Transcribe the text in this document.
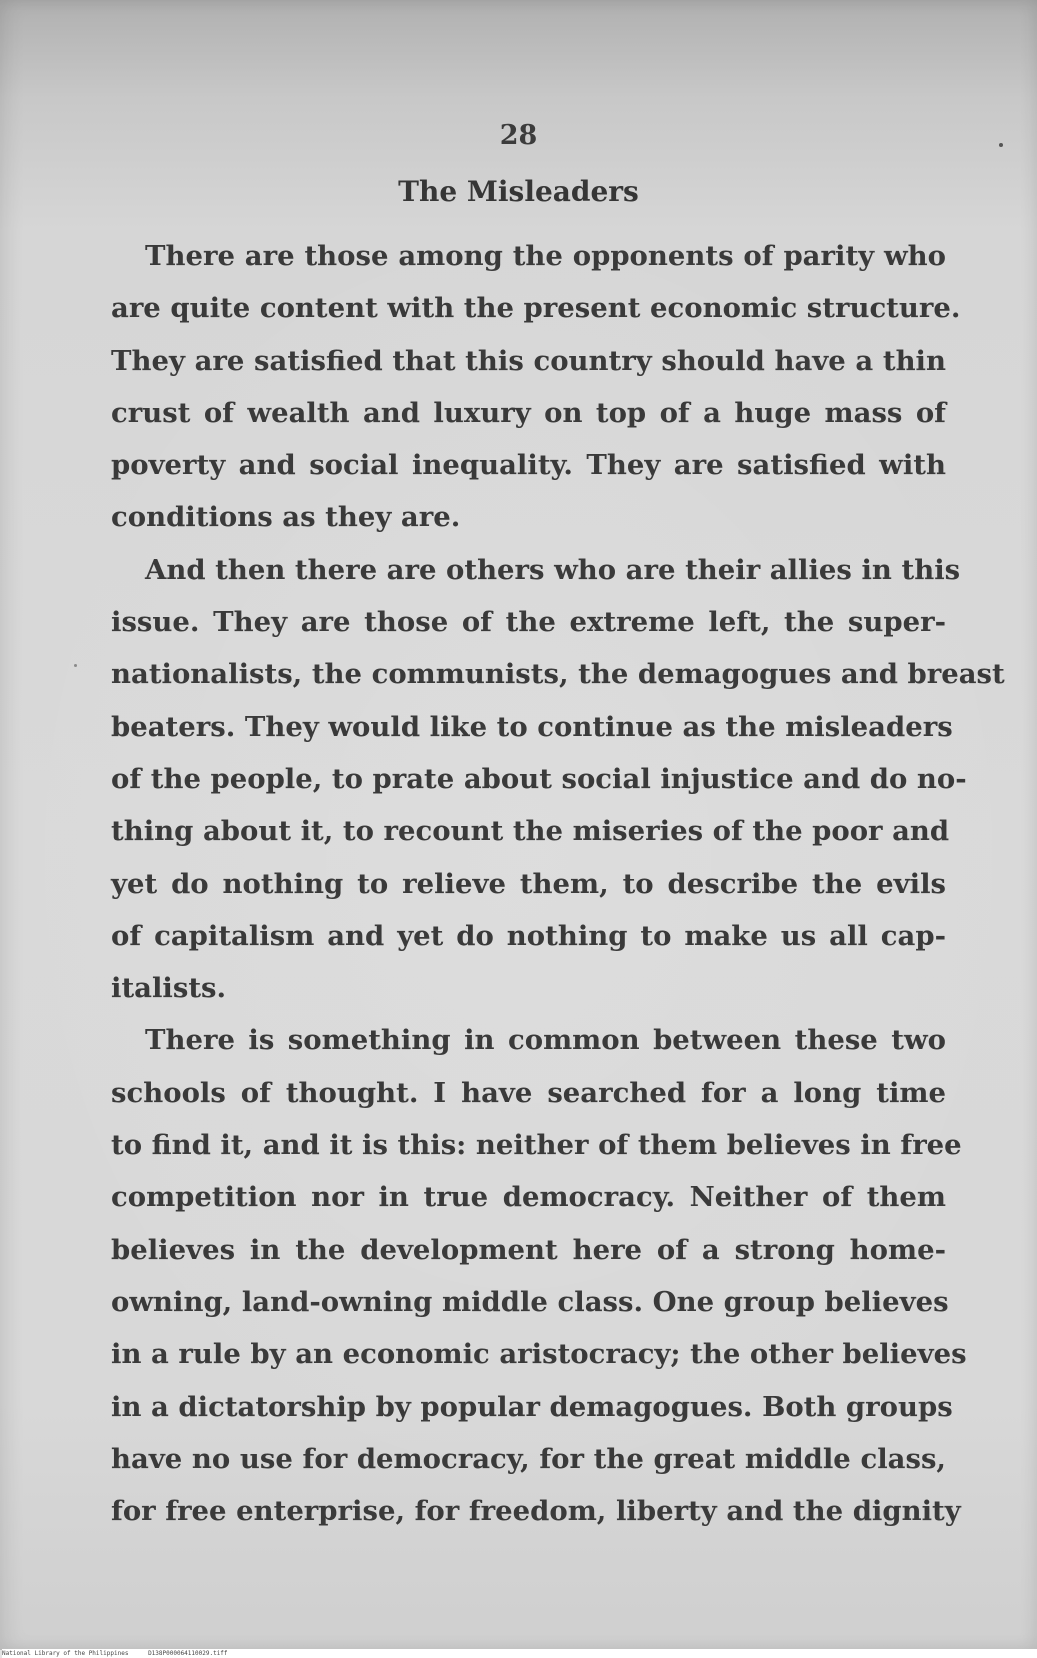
28
The Misleaders
There are those among the opponents of parity who
are quite content with the present economic structure.
They are satisfied that this country should have a thin
crust of wealth and luxury on top of a huge mass of
poverty and social inequality. They are satisfied with
conditions as they are.
And then there are others who are their allies in this
issue. They are those of the extreme left, the super-
nationalists, the communists, the demagogues and breast
beaters. They would like to continue as the misleaders
of the people, to prate about social injustice and do no-
thing about it, to recount the miseries of the poor and
yet do nothing to relieve them, to describe the evils
of capitalism and yet do nothing to make us all cap-
italists.
There is something in common between these two
schools of thought. I have searched for a long time
to find it, and it is this: neither of them believes in free
competition nor in true democracy. Neither of them
believes in the development here of a strong home-
owning, land-owning middle class. One group believes
in a rule by an economic aristocracy; the other believes
in a dictatorship by popular demagogues. Both groups
have no use for democracy, for the great middle class,
for free enterprise, for freedom, liberty and the dignity
National Library of the Philippines	D138P000064110029.tiff
